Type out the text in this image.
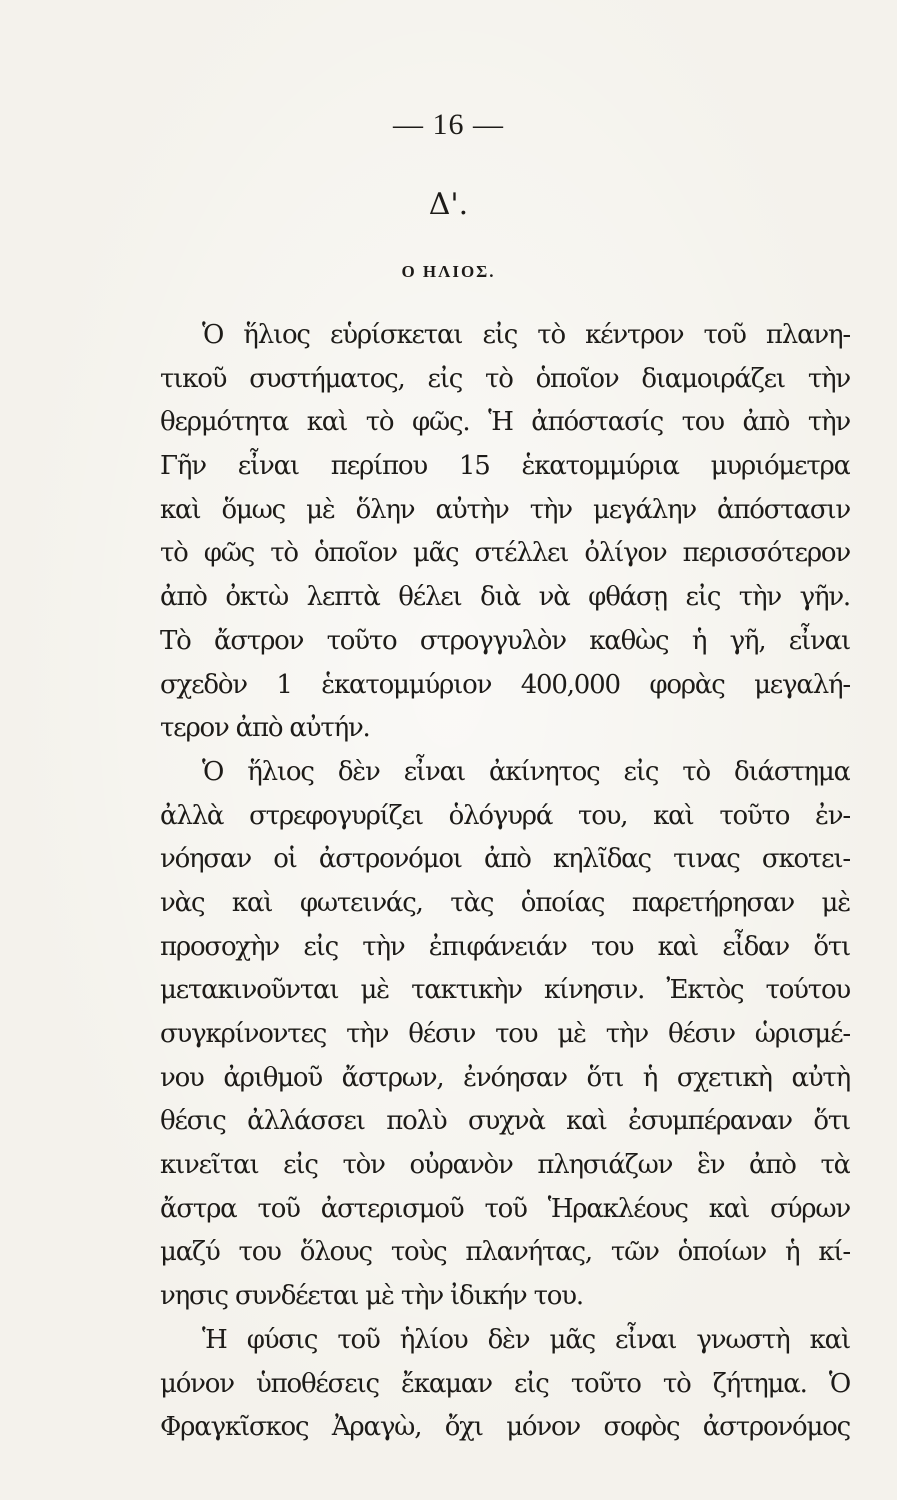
— 16 —
Δ'.
Ο ΗΛΙΟΣ.
Ὁ ἥλιος εὑρίσκεται εἰς τὸ κέντρον τοῦ πλανη-
τικοῦ συστήματος, εἰς τὸ ὁποῖον διαμοιράζει τὴν
θερμότητα καὶ τὸ φῶς. Ἡ ἀπόστασίς του ἀπὸ τὴν
Γῆν εἶναι περίπου 15 ἑκατομμύρια μυριόμετρα
καὶ ὅμως μὲ ὅλην αὐτὴν τὴν μεγάλην ἀπόστασιν
τὸ φῶς τὸ ὁποῖον μᾶς στέλλει ὀλίγον περισσότερον
ἀπὸ ὀκτὼ λεπτὰ θέλει διὰ νὰ φθάσῃ εἰς τὴν γῆν.
Τὸ ἄστρον τοῦτο στρογγυλὸν καθὼς ἡ γῆ, εἶναι
σχεδὸν 1 ἑκατομμύριον 400,000 φορὰς μεγαλή-
τερον ἀπὸ αὐτήν.
Ὁ ἥλιος δὲν εἶναι ἀκίνητος εἰς τὸ διάστημα
ἀλλὰ στρεφογυρίζει ὁλόγυρά του, καὶ τοῦτο ἐν-
νόησαν οἱ ἀστρονόμοι ἀπὸ κηλῖδας τινας σκοτει-
νὰς καὶ φωτεινάς, τὰς ὁποίας παρετήρησαν μὲ
προσοχὴν εἰς τὴν ἐπιφάνειάν του καὶ εἶδαν ὅτι
μετακινοῦνται μὲ τακτικὴν κίνησιν. Ἐκτὸς τούτου
συγκρίνοντες τὴν θέσιν του μὲ τὴν θέσιν ὡρισμέ-
νου ἀριθμοῦ ἄστρων, ἐνόησαν ὅτι ἡ σχετικὴ αὐτὴ
θέσις ἀλλάσσει πολὺ συχνὰ καὶ ἐσυμπέραναν ὅτι
κινεῖται εἰς τὸν οὐρανὸν πλησιάζων ἓν ἀπὸ τὰ
ἄστρα τοῦ ἀστερισμοῦ τοῦ Ἡρακλέους καὶ σύρων
μαζύ του ὅλους τοὺς πλανήτας, τῶν ὁποίων ἡ κί-
νησις συνδέεται μὲ τὴν ἰδικήν του.
Ἡ φύσις τοῦ ἡλίου δὲν μᾶς εἶναι γνωστὴ καὶ
μόνον ὑποθέσεις ἔκαμαν εἰς τοῦτο τὸ ζήτημα. Ὁ
Φραγκῖσκος Ἀραγὼ, ὄχι μόνον σοφὸς ἀστρονόμος
